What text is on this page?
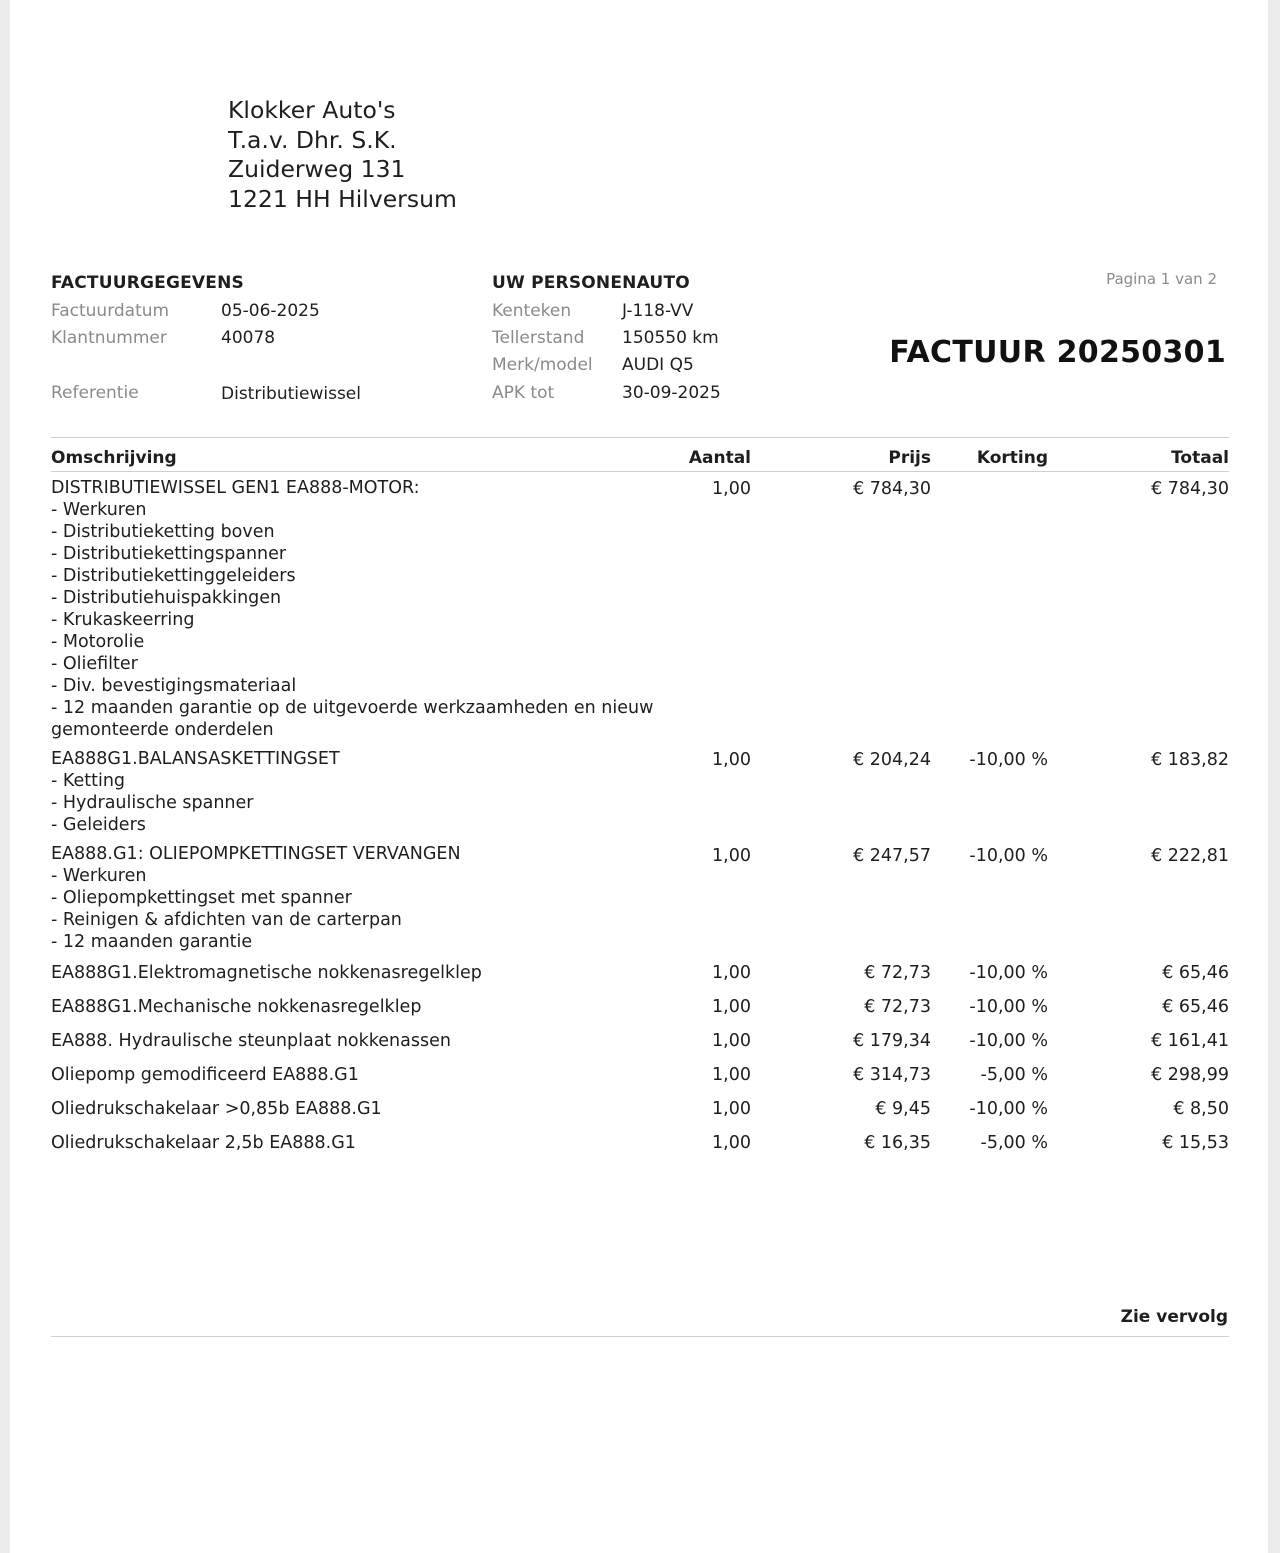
Klokker Auto's
T.a.v. Dhr. S.K.
Zuiderweg 131
1221 HH Hilversum
FACTUURGEGEVENS
Factuurdatum	05-06-2025
Klantnummer	40078
Referentie	Distributiewissel
UW PERSONENAUTO
Kenteken	J-118-VV
Tellerstand 150550 km
Merk/model AUDI Q5
APK tot	30-09-2025
Pagina 1 van 2
FACTUUR 20250301
Omschrijving	Aantal	Prijs	Korting	Totaal
DISTRIBUTIEWISSEL GEN1 EA888-MOTOR:
- Werkuren
- Distributieketting boven
- Distributiekettingspanner
- Distributiekettinggeleiders
- Distributiehuispakkingen
- Krukaskeerring
- Motorolie
- Oliefilter
- Div. bevestigingsmateriaal
- 12 maanden garantie op de uitgevoerde werkzaamheden en nieuw
gemonteerde onderdelen
1,00	€ 784,30	€ 784,30
EA888G1.BALANSASKETTINGSET
- Ketting
- Hydraulische spanner
- Geleiders
1,00	€ 204,24 -10,00 %	€ 183,82
EA888.G1: OLIEPOMPKETTINGSET VERVANGEN
- Werkuren
- Oliepompkettingset met spanner
- Reinigen & afdichten van de carterpan
- 12 maanden garantie
1,00	€ 247,57 -10,00 %	€ 222,81
EA888G1.Elektromagnetische nokkenasregelklep	1,00	€ 72,73 -10,00 %	€ 65,46
EA888G1.Mechanische nokkenasregelklep	1,00	€ 72,73 -10,00 %	€ 65,46
EA888. Hydraulische steunplaat nokkenassen	1,00	€ 179,34 -10,00 %	€ 161,41
Oliepomp gemodificeerd EA888.G1	1,00	€ 314,73	-5,00 %	€ 298,99
Oliedrukschakelaar >0,85b EA888.G1	1,00	€ 9,45 -10,00 %	€ 8,50
Oliedrukschakelaar 2,5b EA888.G1	1,00	€ 16,35	-5,00 %	€ 15,53
Zie vervolg
